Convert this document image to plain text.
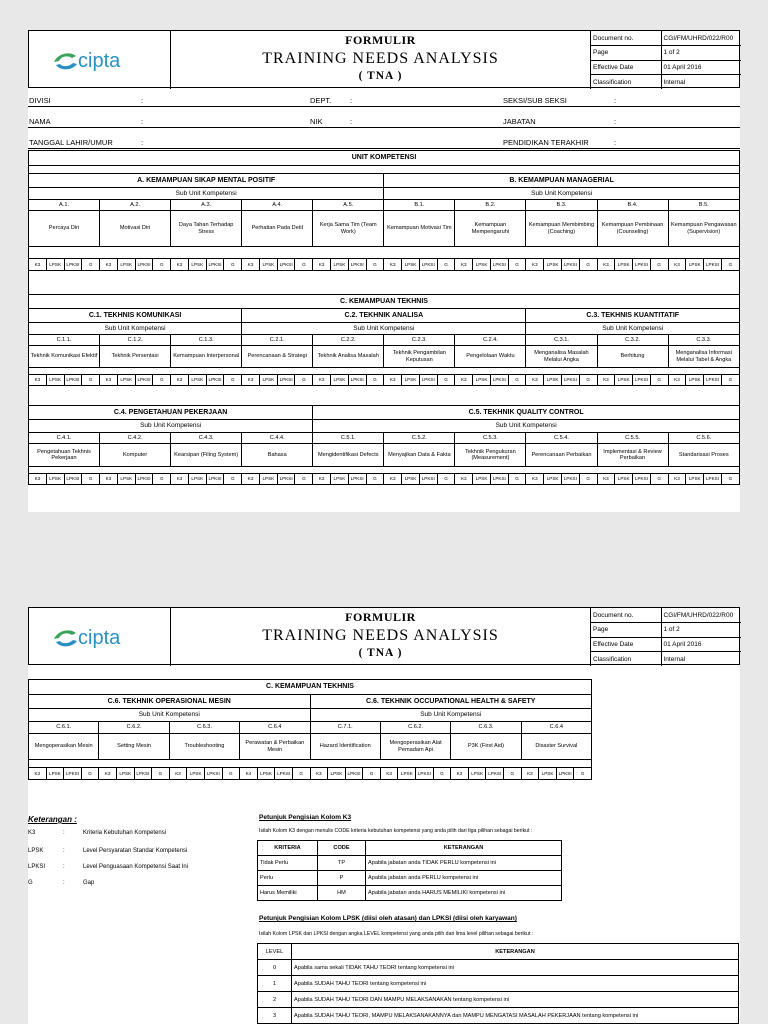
cipta
FORMULIR
TRAINING NEEDS ANALYSIS
( TNA )
Document no.	CGI/FM/UHRD/022/R00
Page	1 of 2
Effective Date	01 April 2016
Classification	Internal
DIVISI	:	DEPT. :	SEKSI/SUB SEKSI	:
NAMA	:	NIK	:	JABATAN	:
TANGGAL LAHIR/UMUR	:	PENDIDIKAN TERAKHIR	:
UNIT KOMPETENSI																																							

A. KEMAMPUAN SIKAP MENTAL POSITIF																				B. KEMAMPUAN MANAGERIAL																			
Sub Unit Kompetensi																				Sub Unit Kompetensi																			
A.1.				A.2.				A.3.				A.4.				A.5.				B.1.				B.2.				B.3.				B.4.				B.5.			
Percaya Diri				Motivasi Diri				Daya Tahan Terhadap Stress				Perhatian Pada Detil				Kerja Sama Tim (Team Work)				Kemampuan Motivasi Tim				Kemampuan Mempengaruhi				Kemampuan Membimbing (Coaching)				Kemampuan Pembinaan (Counseling)				Kemampuan Pengawasan (Supervision)			

K3	LPSK	LPKSI	G	K3	LPSK	LPKSI	G	K3	LPSK	LPKSI	G	K3	LPSK	LPKSI	G	K3	LPSK	LPKSI	G	K3	LPSK	LPKSI	G	K3	LPSK	LPKSI	G	K3	LPSK	LPKSI	G	K3	LPSK	LPKSI	G	K3	LPSK	LPKSI	G

C. KEMAMPUAN TEKHNIS																																							
C.1. TEKHNIS KOMUNIKASI												C.2. TEKHNIK ANALISA																C.3. TEKHNIS KUANTITATIF											
Sub Unit Kompetensi												Sub Unit Kompetensi																Sub Unit Kompetensi											
C.1.1.				C.1.2.				C.1.3.				C.2.1.				C.2.2.				C.2.3.				C.2.4.				C.3.1.				C.3.2.				C.3.3.			
Tekhnik Komunikasi Efektif				Tekhnik Persentasi				Kemampuan Interpersonal				Perencanaan & Strategi				Tekhnik Analisa Masalah				Tekhnik Pengambilan Keputusan				Pengelolaan Waktu				Menganalisa Masalah Melalui Angka				Berhitung				Menganalisa Informasi Melalui Tabel & Angka			

K3	LPSK	LPKSI	G	K3	LPSK	LPKSI	G	K3	LPSK	LPKSI	G	K3	LPSK	LPKSI	G	K3	LPSK	LPKSI	G	K3	LPSK	LPKSI	G	K3	LPSK	LPKSI	G	K3	LPSK	LPKSI	G	K3	LPSK	LPKSI	G	K3	LPSK	LPKSI	G

C.4. PENGETAHUAN PEKERJAAN																C.5. TEKHNIK QUALITY CONTROL																							
Sub Unit Kompetensi																Sub Unit Kompetensi																							
C.4.1.				C.4.2.				C.4.3.				C.4.4.				C.5.1.				C.5.2.				C.5.3.				C.5.4.				C.5.5.				C.5.6.			
Pengetahuan Tekhnis Pekerjaan				Komputer				Kearsipan (Filing System)				Bahasa				Mengidentifikasi Defects				Menyajikan Data & Fakta				Tekhnik Pengukuran (Measurement)				Perencanaan Perbaikan				Implementasi & Review Perbaikan				Standarisasi Proses			

K3	LPSK	LPKSI	G	K3	LPSK	LPKSI	G	K3	LPSK	LPKSI	G	K3	LPSK	LPKSI	G	K3	LPSK	LPKSI	G	K3	LPSK	LPKSI	G	K3	LPSK	LPKSI	G	K3	LPSK	LPKSI	G	K3	LPSK	LPKSI	G	K3	LPSK	LPKSI	G
cipta
FORMULIR
TRAINING NEEDS ANALYSIS
( TNA )
Document no.	CGI/FM/UHRD/022/R00
Page	1 of 2
Effective Date	01 April 2016
Classification	Internal
C. KEMAMPUAN TEKHNIS																															
C.6. TEKHNIK OPERASIONAL MESIN																C.6. TEKHNIK OCCUPATIONAL HEALTH & SAFETY															
Sub Unit Kompetensi																Sub Unit Kompetensi															
C.6.1.				C.6.2.				C.6.3.				C.6.4				C.7.1.				C.6.2.				C.6.3.				C.6.4			
Mengoperasikan Mesin				Setting Mesin				Troubleshooting				Perawatan & Perbaikan Mesin				Hazard Identification				Mengoperasikan Alat Pemadam Api				P3K (First Aid)				Disaster Survival			

K3	LPSK	LPKSI	G	K3	LPSK	LPKSI	G	K3	LPSK	LPKSI	G	K4	LPSK	LPKSI	G	K3	LPSK	LPKSI	G	K3	LPSK	LPKSI	G	K3	LPSK	LPKSI	G	K3	LPSK	LPKSI	G
Keterangan :
K3	:	Kriteria Kebutuhan Kompetensi
LPSK	:	Level Persyaratan Standar Kompetensi
LPKSI	:	Level Penguasaan Kompetensi Saat Ini
G	:	Gap
Petunjuk Pengisian Kolom K3
Isilah Kolom K3 dengan menulis CODE kriteria kebutuhan kompetensi yang anda pilih dari tiga pilihan sebagai berikut :
KRITERIA	CODE	KETERANGAN
Tidak Perlu	TP	Apabila jabatan anda TIDAK PERLU kompetensi ini
Perlu	P	Apabila jabatan anda PERLU kompetensi ini
Harus Memiliki	HM	Apabila jabatan anda HARUS MEMILIKI kompetensi ini
Petunjuk Pengisian Kolom LPSK (diisi oleh atasan) dan LPKSI (diisi oleh karyawan)
Isilah Kolom LPSK dan LPKSI dengan angka LEVEL kompetensi yang anda pilih dari lima level pilihan sebagai berikut :
LEVEL	KETERANGAN
0	Apabila sama sekali TIDAK TAHU TEORI tentang kompetensi ini
1	Apabila SUDAH TAHU TEORI tentang kompetensi ini
2	Apabila SUDAH TAHU TEORI DAN MAMPU MELAKSANAKAN tentang kompetensi ini
3	Apabila SUDAH TAHU TEORI, MAMPU MELAKSANAKANNYA dan MAMPU MENGATASI MASALAH PEKERJAAN tentang kompetensi ini
